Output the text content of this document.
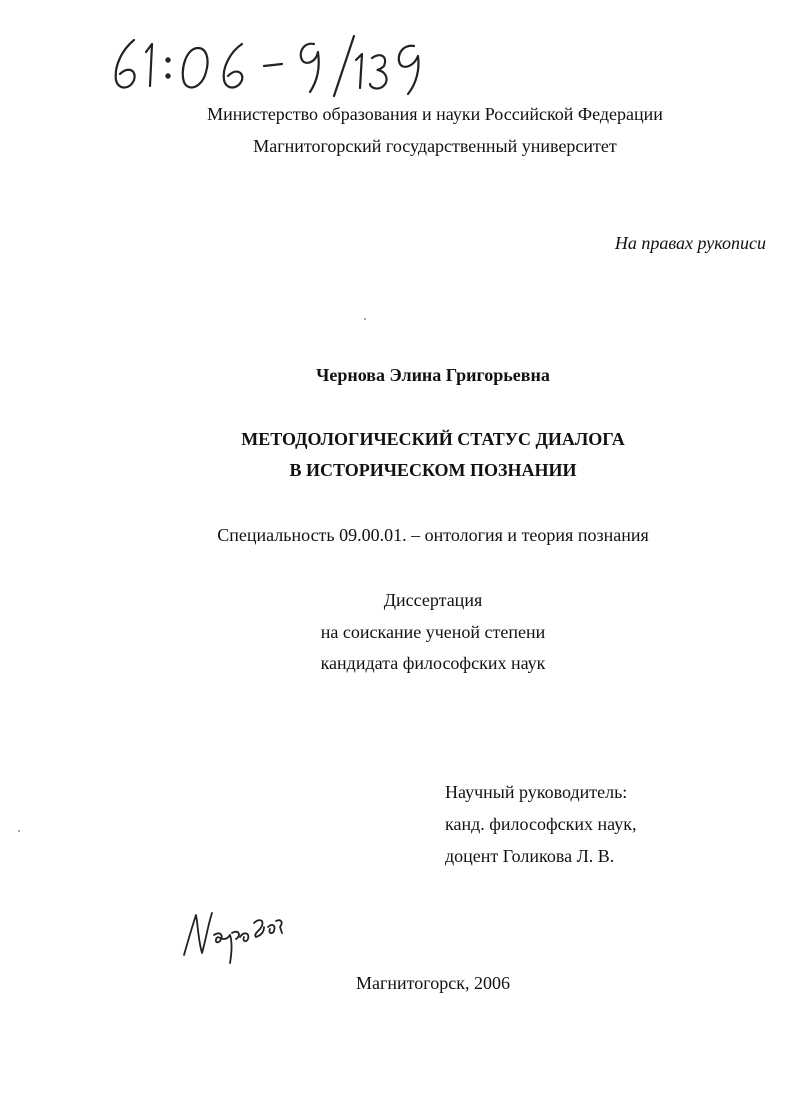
Министерство образования и науки Российской Федерации
Магнитогорский государственный университет
На правах рукописи
Чернова Элина Григорьевна
МЕТОДОЛОГИЧЕСКИЙ СТАТУС ДИАЛОГА
В ИСТОРИЧЕСКОМ ПОЗНАНИИ
Специальность 09.00.01. – онтология и теория познания
Диссертация
на соискание ученой степени
кандидата философских наук
Научный руководитель:
канд. философских наук,
доцент Голикова Л. В.
Магнитогорск, 2006
